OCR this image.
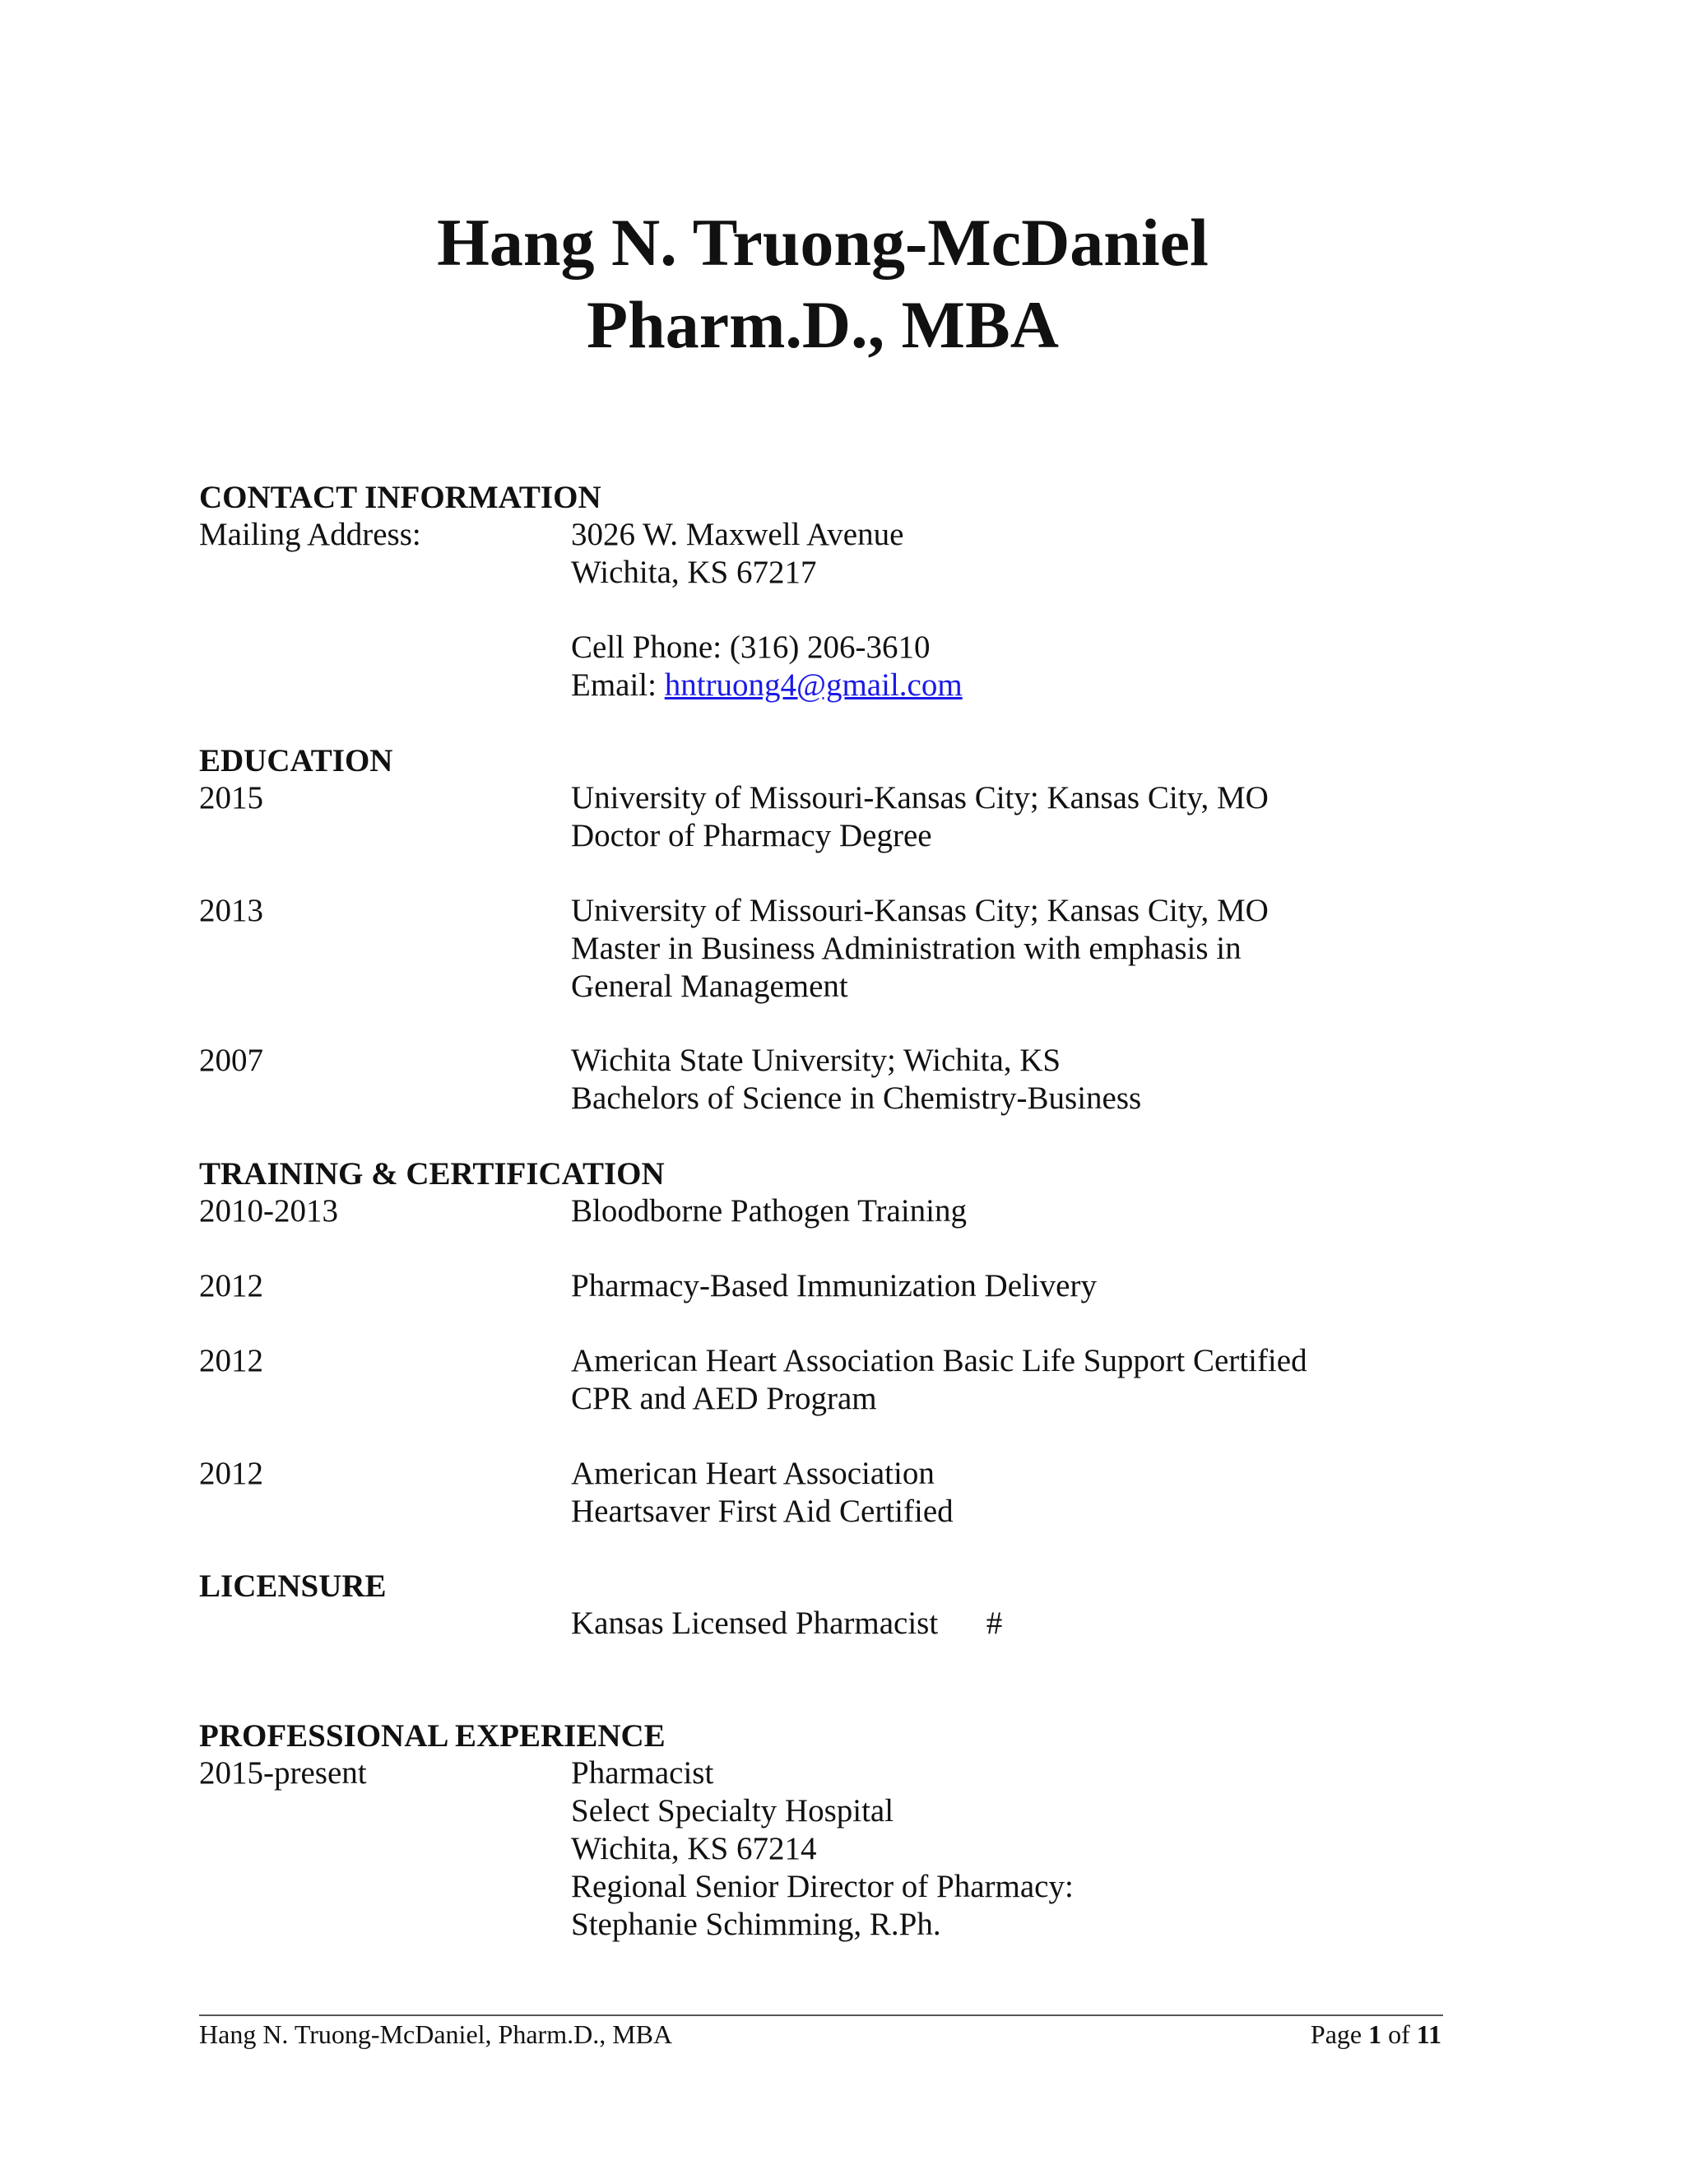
Hang N. Truong-McDaniel
Pharm.D., MBA
CONTACT INFORMATION
Mailing Address:	3026 W. Maxwell Avenue
Wichita, KS 67217
Cell Phone: (316) 206-3610
Email: hntruong4@gmail.com
EDUCATION
2015	University of Missouri-Kansas City; Kansas City, MO
Doctor of Pharmacy Degree
2013	University of Missouri-Kansas City; Kansas City, MO
Master in Business Administration with emphasis in
General Management
2007	Wichita State University; Wichita, KS
Bachelors of Science in Chemistry-Business
TRAINING & CERTIFICATION
2010-2013	Bloodborne Pathogen Training
2012	Pharmacy-Based Immunization Delivery
2012	American Heart Association Basic Life Support Certified
CPR and AED Program
2012	American Heart Association
Heartsaver First Aid Certified
LICENSURE
Kansas Licensed Pharmacist      #
PROFESSIONAL EXPERIENCE
2015-present	Pharmacist
Select Specialty Hospital
Wichita, KS 67214
Regional Senior Director of Pharmacy:
Stephanie Schimming, R.Ph.
Hang N. Truong-McDaniel, Pharm.D., MBA	Page 1 of 11
